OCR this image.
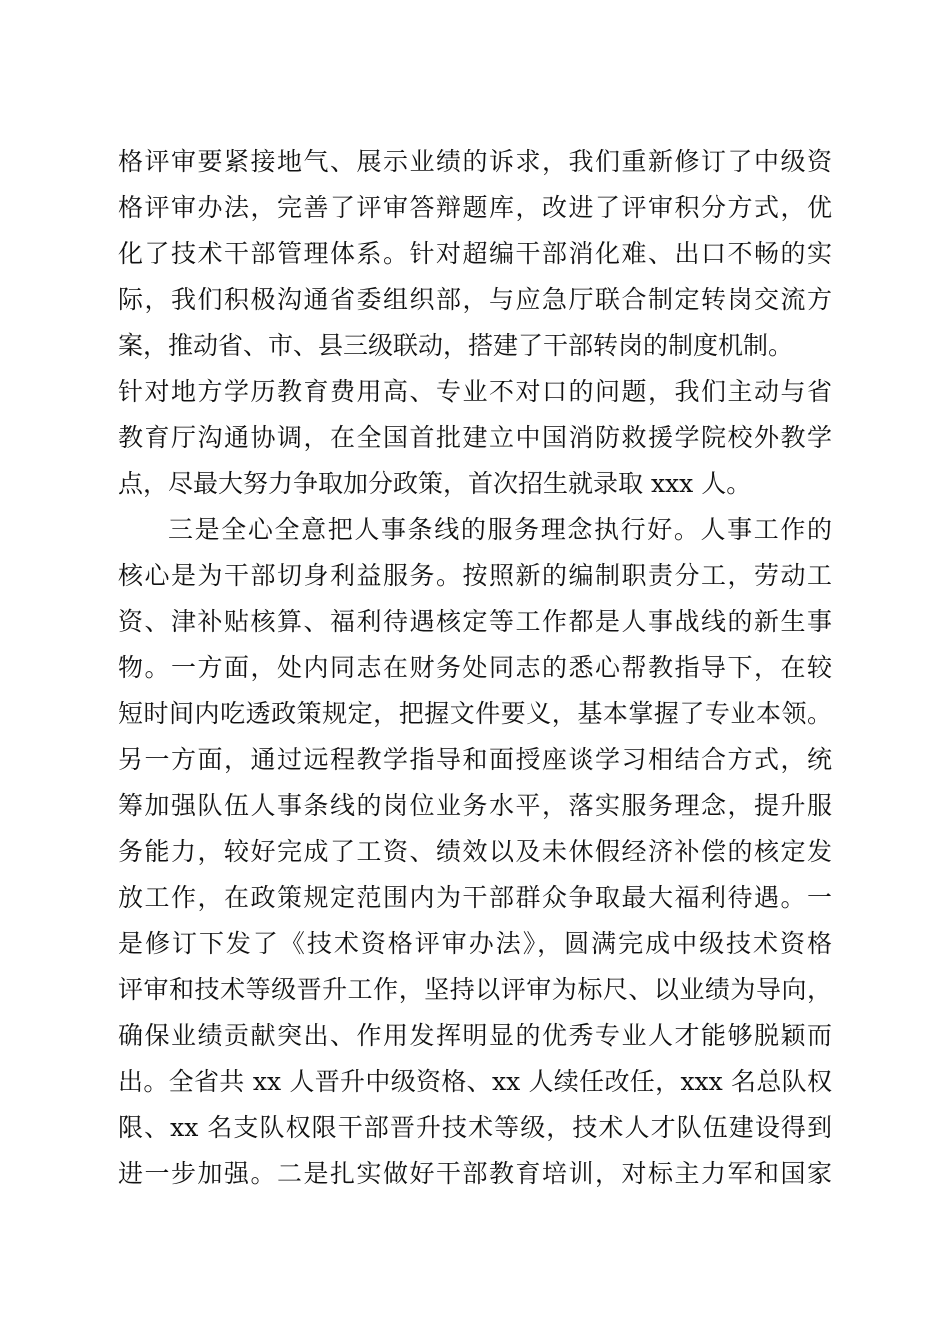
格评审要紧接地气、展示业绩的诉求，我们重新修订了中级资

格评审办法，完善了评审答辩题库，改进了评审积分方式，优

化了技术干部管理体系。针对超编干部消化难、出口不畅的实

际，我们积极沟通省委组织部，与应急厅联合制定转岗交流方

案，推动省、市、县三级联动，搭建了干部转岗的制度机制。

针对地方学历教育费用高、专业不对口的问题，我们主动与省

教育厅沟通协调，在全国首批建立中国消防救援学院校外教学

点，尽最大努力争取加分政策，首次招生就录取 xxx 人。

三是全心全意把人事条线的服务理念执行好。人事工作的

核心是为干部切身利益服务。按照新的编制职责分工，劳动工

资、津补贴核算、福利待遇核定等工作都是人事战线的新生事

物。一方面，处内同志在财务处同志的悉心帮教指导下，在较

短时间内吃透政策规定，把握文件要义，基本掌握了专业本领。

另一方面，通过远程教学指导和面授座谈学习相结合方式，统

筹加强队伍人事条线的岗位业务水平，落实服务理念，提升服

务能力，较好完成了工资、绩效以及未休假经济补偿的核定发

放工作，在政策规定范围内为干部群众争取最大福利待遇。一

是修订下发了《技术资格评审办法》，圆满完成中级技术资格

评审和技术等级晋升工作，坚持以评审为标尺、以业绩为导向，

确保业绩贡献突出、作用发挥明显的优秀专业人才能够脱颖而

出。全省共 xx 人晋升中级资格、xx 人续任改任，xxx 名总队权

限、xx 名支队权限干部晋升技术等级，技术人才队伍建设得到

进一步加强。二是扎实做好干部教育培训，对标主力军和国家
